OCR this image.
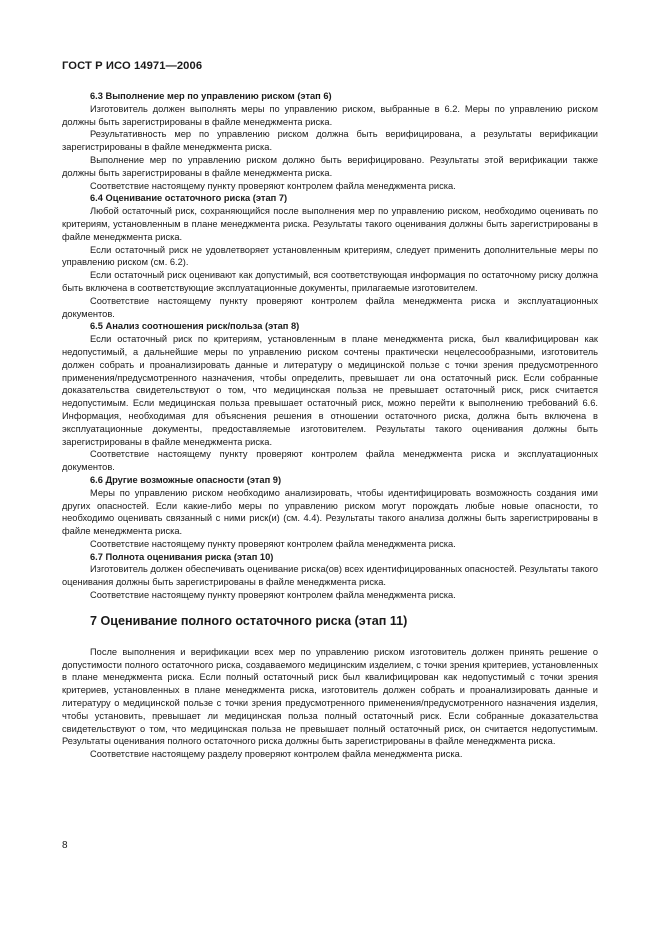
ГОСТ Р ИСО 14971—2006
6.3 Выполнение мер по управлению риском (этап 6)

Изготовитель должен выполнять меры по управлению риском, выбранные в 6.2. Меры по управлению риском должны быть зарегистрированы в файле менеджмента риска.

Результативность мер по управлению риском должна быть верифицирована, а результаты верификации зарегистрированы в файле менеджмента риска.

Выполнение мер по управлению риском должно быть верифицировано. Результаты этой верификации также должны быть зарегистрированы в файле менеджмента риска.

Соответствие настоящему пункту проверяют контролем файла менеджмента риска.

6.4 Оценивание остаточного риска (этап 7)

Любой остаточный риск, сохраняющийся после выполнения мер по управлению риском, необходимо оценивать по критериям, установленным в плане менеджмента риска. Результаты такого оценивания должны быть зарегистрированы в файле менеджмента риска.

Если остаточный риск не удовлетворяет установленным критериям, следует применить дополнительные меры по управлению риском (см. 6.2).

Если остаточный риск оценивают как допустимый, вся соответствующая информация по остаточному риску должна быть включена в соответствующие эксплуатационные документы, прилагаемые изготовителем.

Соответствие настоящему пункту проверяют контролем файла менеджмента риска и эксплуатационных документов.

6.5 Анализ соотношения риск/польза (этап 8)

Если остаточный риск по критериям, установленным в плане менеджмента риска, был квалифицирован как недопустимый, а дальнейшие меры по управлению риском сочтены практически нецелесообразными, изготовитель должен собрать и проанализировать данные и литературу о медицинской пользе с точки зрения предусмотренного применения/предусмотренного назначения, чтобы определить, превышает ли она остаточный риск. Если собранные доказательства свидетельствуют о том, что медицинская польза не превышает остаточный риск, риск считается недопустимым. Если медицинская польза превышает остаточный риск, можно перейти к выполнению требований 6.6. Информация, необходимая для объяснения решения в отношении остаточного риска, должна быть включена в эксплуатационные документы, предоставляемые изготовителем. Результаты такого оценивания должны быть зарегистрированы в файле менеджмента риска.

Соответствие настоящему пункту проверяют контролем файла менеджмента риска и эксплуатационных документов.

6.6 Другие возможные опасности (этап 9)

Меры по управлению риском необходимо анализировать, чтобы идентифицировать возможность создания ими других опасностей. Если какие-либо меры по управлению риском могут порождать любые новые опасности, то необходимо оценивать связанный с ними риск(и) (см. 4.4). Результаты такого анализа должны быть зарегистрированы в файле менеджмента риска.

Соответствие настоящему пункту проверяют контролем файла менеджмента риска.

6.7 Полнота оценивания риска (этап 10)

Изготовитель должен обеспечивать оценивание риска(ов) всех идентифицированных опасностей. Результаты такого оценивания должны быть зарегистрированы в файле менеджмента риска.

Соответствие настоящему пункту проверяют контролем файла менеджмента риска.

7 Оценивание полного остаточного риска (этап 11)

После выполнения и верификации всех мер по управлению риском изготовитель должен принять решение о допустимости полного остаточного риска, создаваемого медицинским изделием, с точки зрения критериев, установленных в плане менеджмента риска. Если полный остаточный риск был квалифицирован как недопустимый с точки зрения критериев, установленных в плане менеджмента риска, изготовитель должен собрать и проанализировать данные и литературу о медицинской пользе с точки зрения предусмотренного применения/предусмотренного назначения изделия, чтобы установить, превышает ли медицинская польза полный остаточный риск. Если собранные доказательства свидетельствуют о том, что медицинская польза не превышает полный остаточный риск, он считается недопустимым. Результаты оценивания полного остаточного риска должны быть зарегистрированы в файле менеджмента риска.

Соответствие настоящему разделу проверяют контролем файла менеджмента риска.

8
